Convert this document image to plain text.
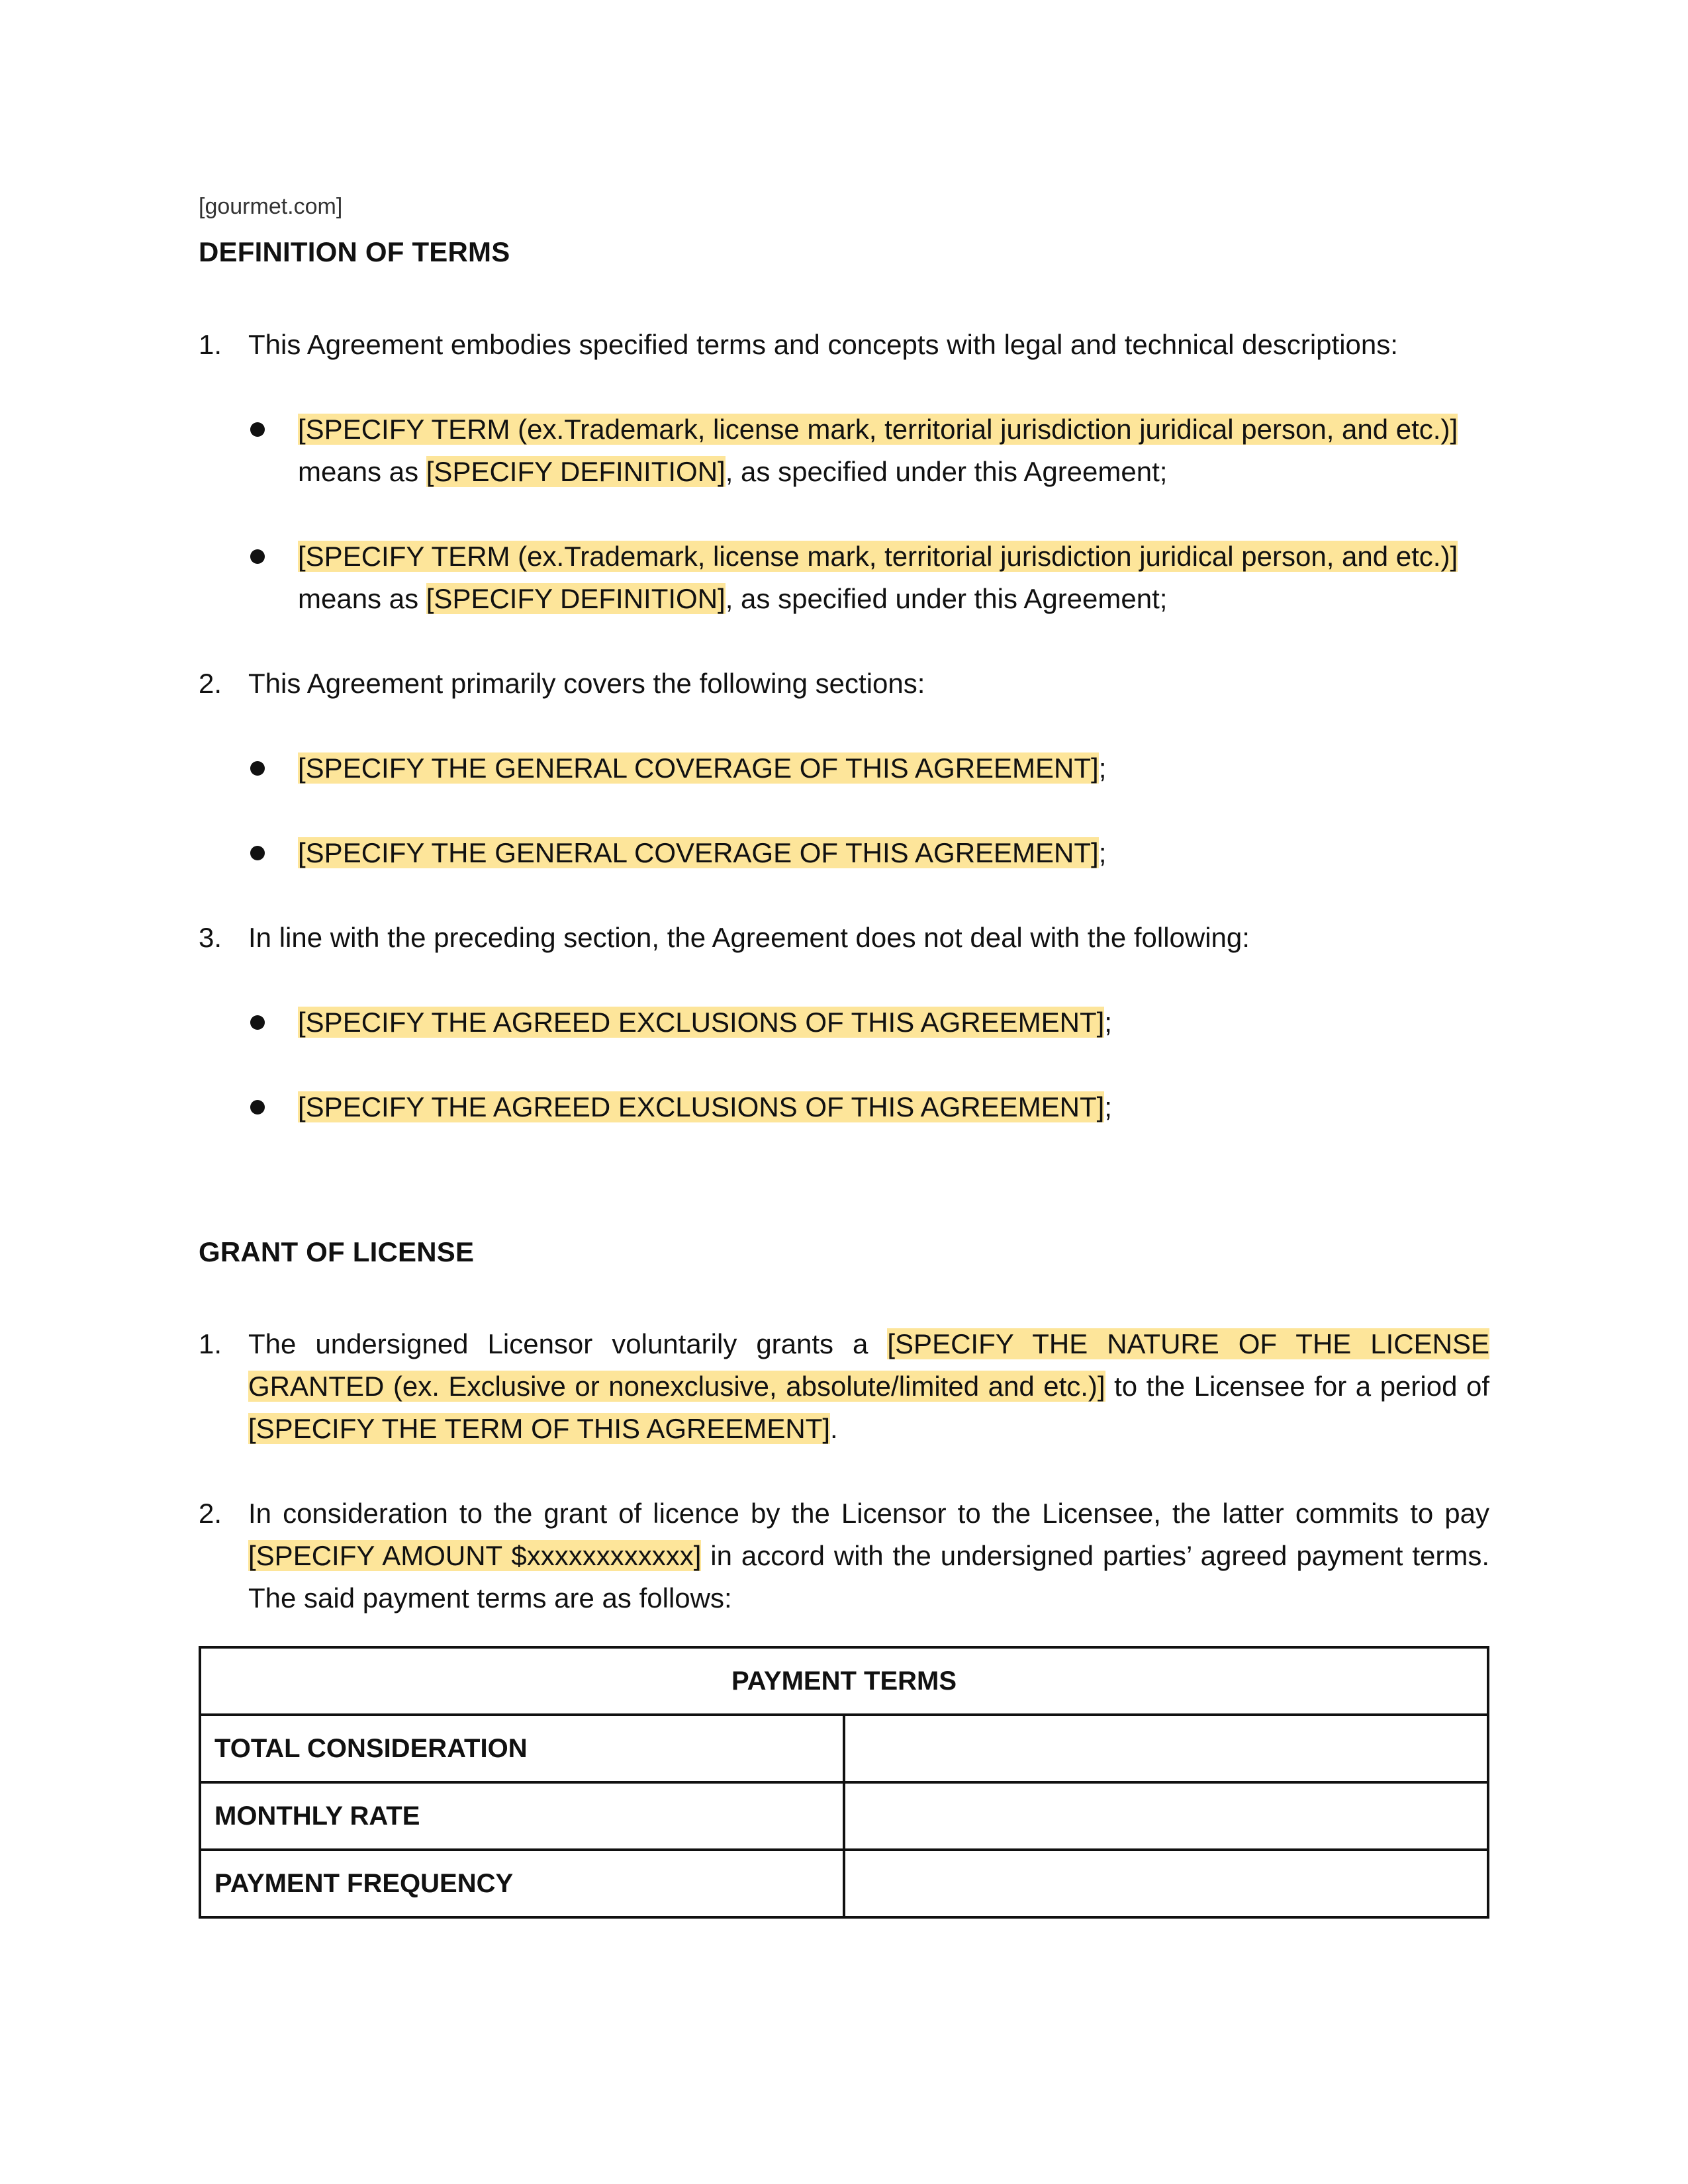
[gourmet.com]
DEFINITION OF TERMS
1. This Agreement embodies specified terms and concepts with legal and technical descriptions:
[SPECIFY TERM (ex.Trademark, license mark, territorial jurisdiction juridical person, and etc.)] means as [SPECIFY DEFINITION], as specified under this Agreement;
[SPECIFY TERM (ex.Trademark, license mark, territorial jurisdiction juridical person, and etc.)] means as [SPECIFY DEFINITION], as specified under this Agreement;
2. This Agreement primarily covers the following sections:
[SPECIFY THE GENERAL COVERAGE OF THIS AGREEMENT];
[SPECIFY THE GENERAL COVERAGE OF THIS AGREEMENT];
3. In line with the preceding section, the Agreement does not deal with the following:
[SPECIFY THE AGREED EXCLUSIONS OF THIS AGREEMENT];
[SPECIFY THE AGREED EXCLUSIONS OF THIS AGREEMENT];
GRANT OF LICENSE
1. The undersigned Licensor voluntarily grants a [SPECIFY THE NATURE OF THE LICENSE GRANTED (ex. Exclusive or nonexclusive, absolute/limited and etc.)] to the Licensee for a period of [SPECIFY THE TERM OF THIS AGREEMENT].
2. In consideration to the grant of licence by the Licensor to the Licensee, the latter commits to pay [SPECIFY AMOUNT $xxxxxxxxxxxx] in accord with the undersigned parties’ agreed payment terms. The said payment terms are as follows:
PAYMENT TERMS	
TOTAL CONSIDERATION	
MONTHLY RATE	
PAYMENT FREQUENCY	
